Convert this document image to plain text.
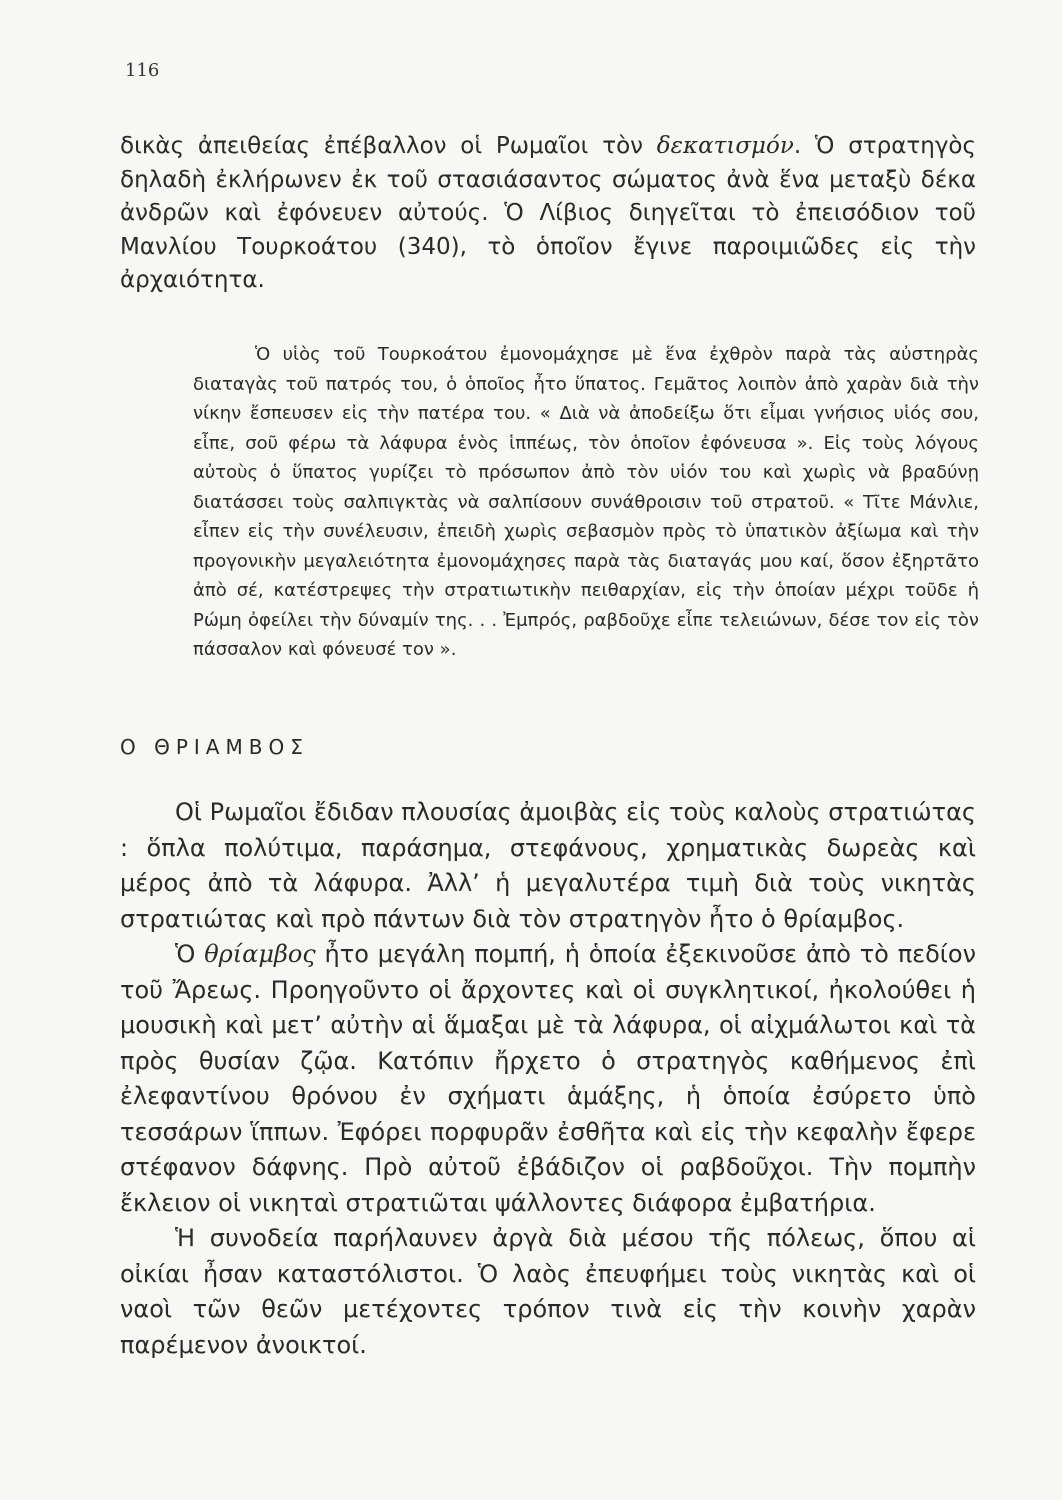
116

δικὰς ἀπειθείας ἐπέβαλλον οἱ Ρωμαῖοι τὸν δεκατισμόν. Ὁ στρατηγὸς δηλαδὴ ἐκλήρωνεν ἐκ τοῦ στασιάσαντος σώματος ἀνὰ ἕνα μεταξὺ δέκα ἀνδρῶν καὶ ἐφόνευεν αὐτούς. Ὁ Λίβιος διηγεῖται τὸ ἐπεισόδιον τοῦ Μανλίου Τουρκοάτου (340), τὸ ὁποῖον ἔγινε παροιμιῶδες εἰς τὴν ἀρχαιότητα.

Ὁ υἱὸς τοῦ Τουρκοάτου ἐμονομάχησε μὲ ἕνα ἐχθρὸν παρὰ τὰς αὐστηρὰς διαταγὰς τοῦ πατρός του, ὁ ὁποῖος ἦτο ὕπατος. Γεμᾶτος λοιπὸν ἀπὸ χαρὰν διὰ τὴν νίκην ἔσπευσεν εἰς τὴν πατέρα του. « Διὰ νὰ ἀποδείξω ὅτι εἶμαι γνήσιος υἱός σου, εἶπε, σοῦ φέρω τὰ λάφυρα ἑνὸς ἱππέως, τὸν ὁποῖον ἐφόνευσα ». Εἰς τοὺς λόγους αὐτοὺς ὁ ὕπατος γυρίζει τὸ πρόσωπον ἀπὸ τὸν υἱόν του καὶ χωρὶς νὰ βραδύνῃ διατάσσει τοὺς σαλπιγκτὰς νὰ σαλπίσουν συνάθροισιν τοῦ στρατοῦ. « Τῖτε Μάνλιε, εἶπεν εἰς τὴν συνέλευσιν, ἐπειδὴ χωρὶς σεβασμὸν πρὸς τὸ ὑπατικὸν ἀξίωμα καὶ τὴν προγονικὴν μεγαλειότητα ἐμονομάχησες παρὰ τὰς διαταγάς μου καί, ὅσον ἐξηρτᾶτο ἀπὸ σέ, κατέστρεψες τὴν στρατιωτικὴν πειθαρχίαν, εἰς τὴν ὁποίαν μέχρι τοῦδε ἡ Ρώμη ὀφείλει τὴν δύναμίν της. . . Ἐμπρός, ραβδοῦχε εἶπε τελειώνων, δέσε τον εἰς τὸν πάσσαλον καὶ φόνευσέ τον ».
Ο ΘΡΙΑΜΒΟΣ

Οἱ Ρωμαῖοι ἔδιδαν πλουσίας ἀμοιβὰς εἰς τοὺς καλοὺς στρατιώτας : ὅπλα πολύτιμα, παράσημα, στεφάνους, χρηματικὰς δωρεὰς καὶ μέρος ἀπὸ τὰ λάφυρα. Ἀλλ’ ἡ μεγαλυτέρα τιμὴ διὰ τοὺς νικητὰς στρατιώτας καὶ πρὸ πάντων διὰ τὸν στρατηγὸν ἦτο ὁ θρίαμβος.

Ὁ θρίαμβος ἦτο μεγάλη πομπή, ἡ ὁποία ἐξεκινοῦσε ἀπὸ τὸ πεδίον τοῦ Ἄρεως. Προηγοῦντο οἱ ἄρχοντες καὶ οἱ συγκλητικοί, ἠκολούθει ἡ μουσικὴ καὶ μετ’ αὐτὴν αἱ ἅμαξαι μὲ τὰ λάφυρα, οἱ αἰχμάλωτοι καὶ τὰ πρὸς θυσίαν ζῷα. Κατόπιν ἤρχετο ὁ στρατηγὸς καθήμενος ἐπὶ ἐλεφαντίνου θρόνου ἐν σχήματι ἁμάξης, ἡ ὁποία ἐσύρετο ὑπὸ τεσσάρων ἵππων. Ἐφόρει πορφυρᾶν ἐσθῆτα καὶ εἰς τὴν κεφαλὴν ἔφερε στέφανον δάφνης. Πρὸ αὐτοῦ ἐβάδιζον οἱ ραβδοῦχοι. Τὴν πομπὴν ἔκλειον οἱ νικηταὶ στρατιῶται ψάλλοντες διάφορα ἐμβατήρια.

Ἡ συνοδεία παρήλαυνεν ἀργὰ διὰ μέσου τῆς πόλεως, ὅπου αἱ οἰκίαι ἦσαν καταστόλιστοι. Ὁ λαὸς ἐπευφήμει τοὺς νικητὰς καὶ οἱ ναοὶ τῶν θεῶν μετέχοντες τρόπον τινὰ εἰς τὴν κοινὴν χαρὰν παρέμενον ἀνοικτοί.
